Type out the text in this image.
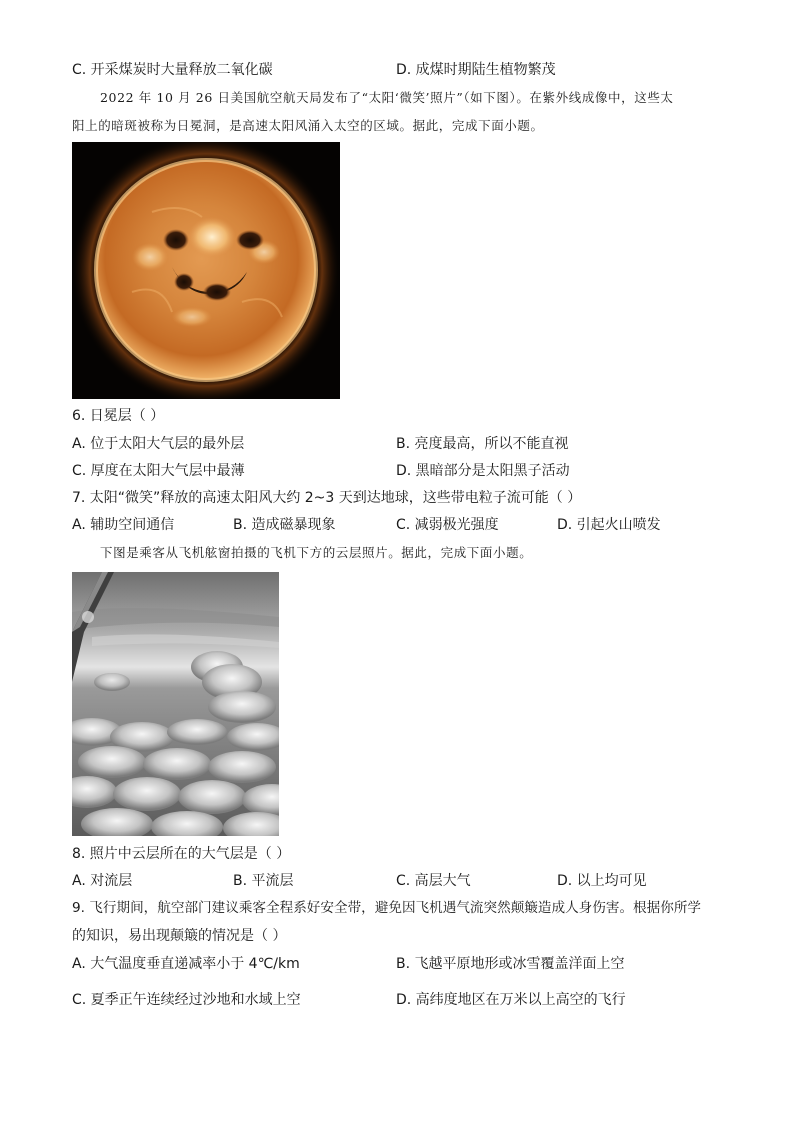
C. 开采煤炭时大量释放二氧化碳	D. 成煤时期陆生植物繁茂
2022 年 10 月 26 日美国航空航天局发布了“太阳‘微笑’照片”（如下图）。在紫外线成像中，这些太
阳上的暗斑被称为日冕洞，是高速太阳风涌入太空的区域。据此，完成下面小题。
6. 日冕层（ ）
A. 位于太阳大气层的最外层	B. 亮度最高，所以不能直视
C. 厚度在太阳大气层中最薄	D. 黑暗部分是太阳黑子活动
7. 太阳“微笑”释放的高速太阳风大约 2~3 天到达地球，这些带电粒子流可能（ ）
A. 辅助空间通信	B. 造成磁暴现象	C. 减弱极光强度	D. 引起火山喷发
下图是乘客从飞机舷窗拍摄的飞机下方的云层照片。据此，完成下面小题。
8. 照片中云层所在的大气层是（ ）
A. 对流层	B. 平流层	C. 高层大气	D. 以上均可见
9. 飞行期间，航空部门建议乘客全程系好安全带，避免因飞机遇气流突然颠簸造成人身伤害。根据你所学
的知识，易出现颠簸的情况是（ ）
A. 大气温度垂直递减率小于 4℃/km	B. 飞越平原地形或冰雪覆盖洋面上空
C. 夏季正午连续经过沙地和水域上空	D. 高纬度地区在万米以上高空的飞行
